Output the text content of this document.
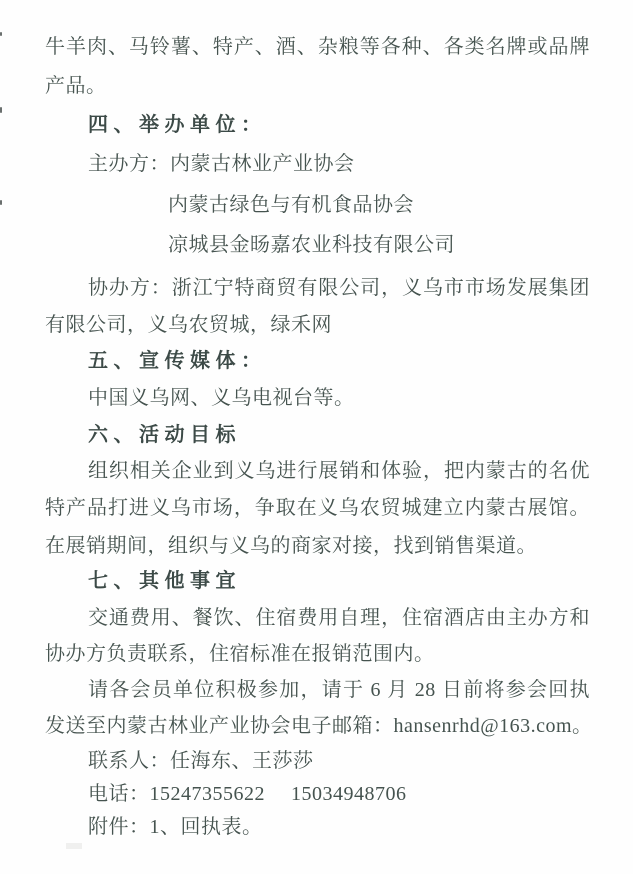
牛羊肉、马铃薯、特产、酒、杂粮等各种、各类名牌或品牌
产品。
四、举办单位：
主办方：内蒙古林业产业协会
内蒙古绿色与有机食品协会
凉城县金旸嘉农业科技有限公司
协办方：浙江宁特商贸有限公司，义乌市市场发展集团
有限公司，义乌农贸城，绿禾网
五、宣传媒体：
中国义乌网、义乌电视台等。
六、活动目标
组织相关企业到义乌进行展销和体验，把内蒙古的名优
特产品打进义乌市场，争取在义乌农贸城建立内蒙古展馆。
在展销期间，组织与义乌的商家对接，找到销售渠道。
七、其他事宜
交通费用、餐饮、住宿费用自理，住宿酒店由主办方和
协办方负责联系，住宿标准在报销范围内。
请各会员单位积极参加，请于 6 月 28 日前将参会回执
发送至内蒙古林业产业协会电子邮箱：hansenrhd@163.com。
联系人：任海东、王莎莎
电话：15247355622　 15034948706
附件：1、回执表。
